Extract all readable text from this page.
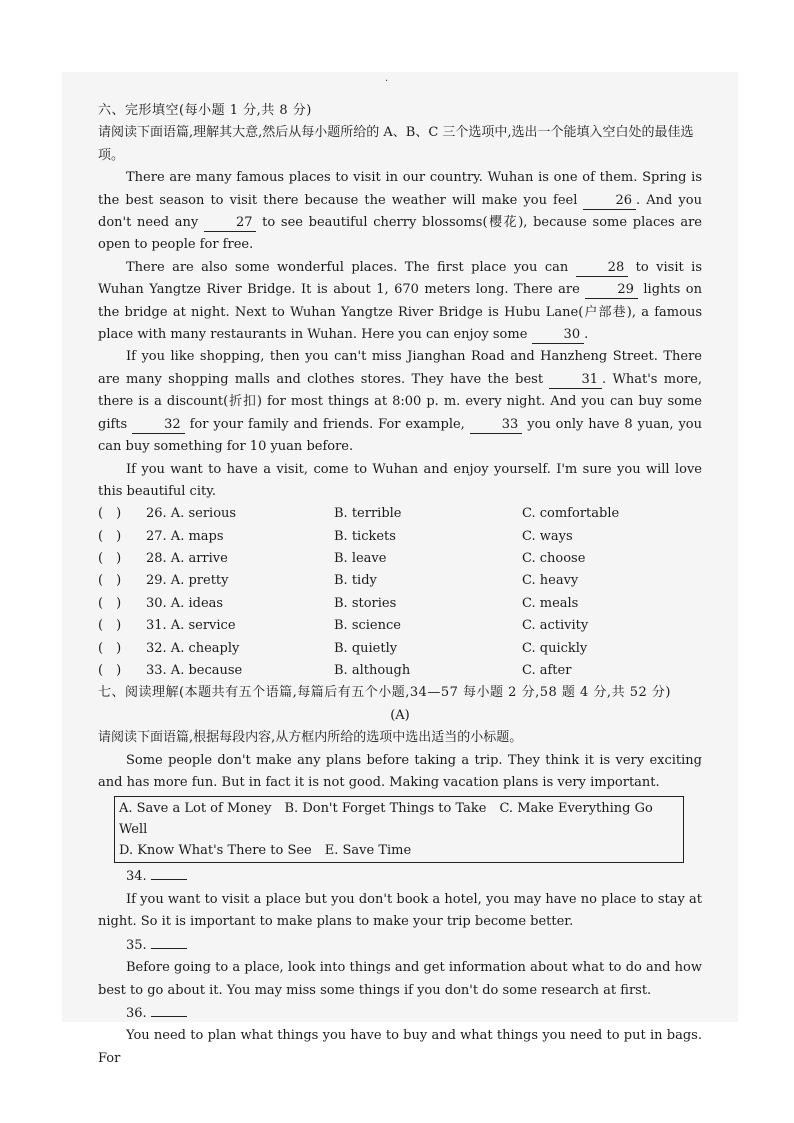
·
六、完形填空(每小题 1 分,共 8 分)
请阅读下面语篇,理解其大意,然后从每小题所给的 A、B、C 三个选项中,选出一个能填入空白处的最佳选项。

There are many famous places to visit in our country. Wuhan is one of them. Spring is the best season to visit there because the weather will make you feel	26 . And you don't need any	27 to see beautiful cherry blossoms(樱花), because some places are open to people for free.

There are also some wonderful places. The first place you can	28 to visit is Wuhan Yangtze River Bridge. It is about 1, 670 meters long. There are	29 lights on the bridge at night. Next to Wuhan Yangtze River Bridge is Hubu Lane(户部巷), a famous place with many restaurants in Wuhan. Here you can enjoy some	30 .

If you like shopping, then you can't miss Jianghan Road and Hanzheng Street. There are many shopping malls and clothes stores. They have the best	31 . What's more, there is a discount(折扣) for most things at 8:00 p. m. every night. And you can buy some gifts	32 for your family and friends. For example,	33 you only have 8 yuan, you can buy something for 10 yuan before.

If you want to have a visit, come to Wuhan and enjoy yourself. I'm sure you will love this beautiful city.

(　)	26. A. serious	B. terrible	C. comfortable
(　)	27. A. maps	B. tickets	C. ways
(　)	28. A. arrive	B. leave	C. choose
(　)	29. A. pretty	B. tidy	C. heavy
(　)	30. A. ideas	B. stories	C. meals
(　)	31. A. service	B. science	C. activity
(　)	32. A. cheaply	B. quietly	C. quickly
(　)	33. A. because	B. although	C. after
七、阅读理解(本题共有五个语篇,每篇后有五个小题,34—57 每小题 2 分,58 题 4 分,共 52 分)
(A)
请阅读下面语篇,根据每段内容,从方框内所给的选项中选出适当的小标题。

Some people don't make any plans before taking a trip. They think it is very exciting and has more fun. But in fact it is not good. Making vacation plans is very important.

A. Save a Lot of Money　B. Don't Forget Things to Take　C. Make Everything Go Well
D. Know What's There to See　E. Save Time
34.

If you want to visit a place but you don't book a hotel, you may have no place to stay at night. So it is important to make plans to make your trip become better.

35.

Before going to a place, look into things and get information about what to do and how best to go about it. You may miss some things if you don't do some research at first.

36.

You need to plan what things you have to buy and what things you need to put in bags. For
